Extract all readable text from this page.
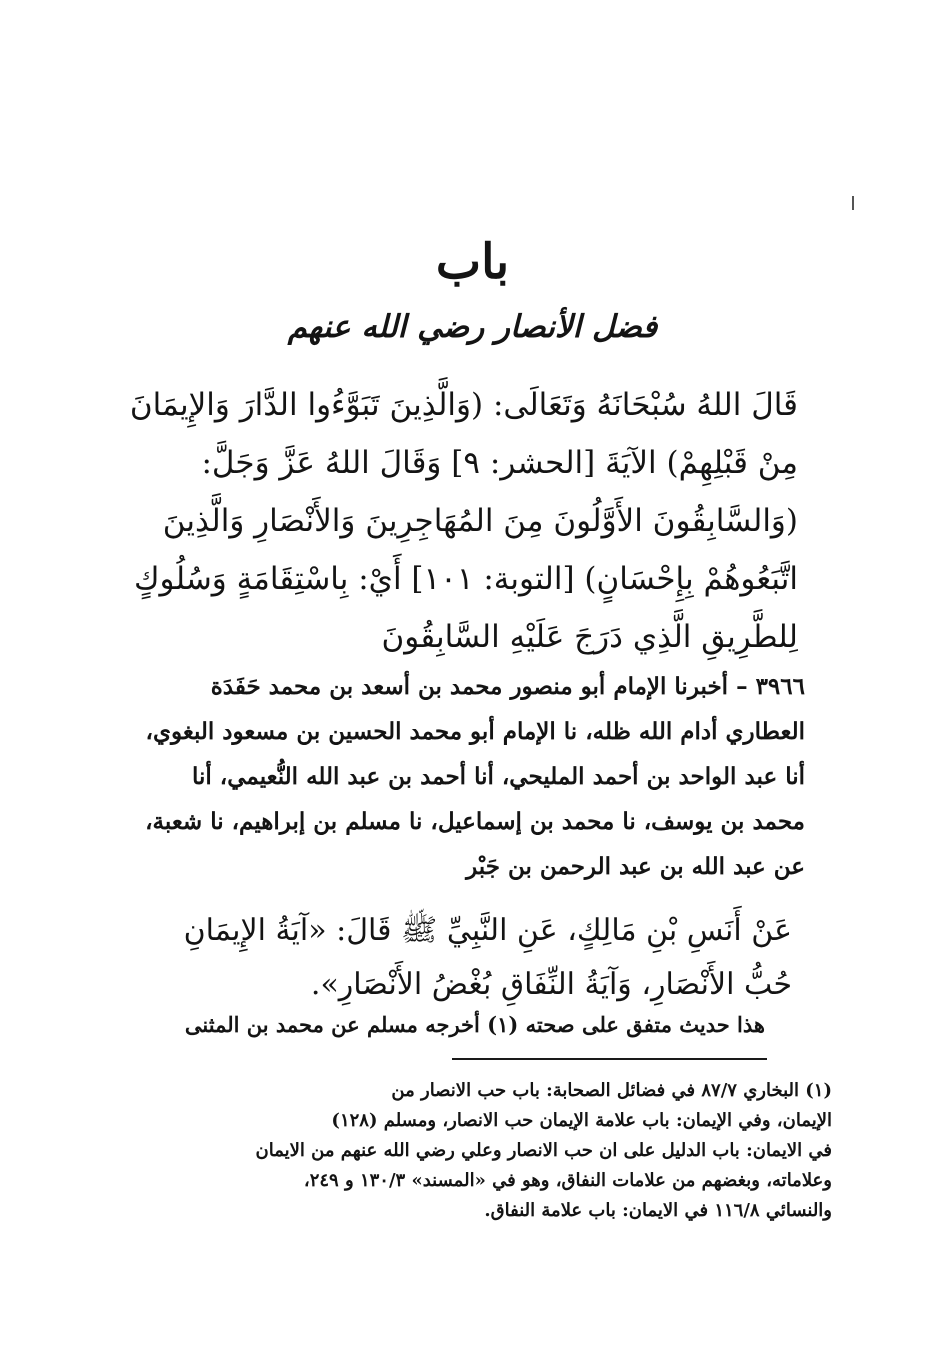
باب
فضل الأنصار رضي الله عنهم
قَالَ اللهُ سُبْحَانَهُ وَتَعَالَى: (وَالَّذِينَ تَبَوَّءُوا الدَّارَ وَالإِيمَانَ
مِنْ قَبْلِهِمْ) الآيَةَ [الحشر: ٩] وَقَالَ اللهُ عَزَّ وَجَلَّ:
(وَالسَّابِقُونَ الأَوَّلُونَ مِنَ المُهَاجِرِينَ وَالأَنْصَارِ وَالَّذِينَ
اتَّبَعُوهُمْ بِإِحْسَانٍ) [التوبة: ١٠١] أَيْ: بِاسْتِقَامَةٍ وَسُلُوكٍ
لِلطَّرِيقِ الَّذِي دَرَجَ عَلَيْهِ السَّابِقُونَ
٣٩٦٦ – أخبرنا الإمام أبو منصور محمد بن أسعد بن محمد حَفَدَة
العطاري أدام الله ظله، نا الإمام أبو محمد الحسين بن مسعود البغوي،
أنا عبد الواحد بن أحمد المليحي، أنا أحمد بن عبد الله النُّعيمي، أنا
محمد بن يوسف، نا محمد بن إسماعيل، نا مسلم بن إبراهيم، نا شعبة،
عن عبد الله بن عبد الرحمن بن جَبْر
عَنْ أَنَسِ بْنِ مَالِكٍ، عَنِ النَّبِيِّ ﷺ قَالَ: «آيَةُ الإِيمَانِ
حُبُّ الأَنْصَارِ، وَآيَةُ النِّفَاقِ بُغْضُ الأَنْصَارِ».
هذا حديث متفق على صحته (١) أخرجه مسلم عن محمد بن المثنى
(١) البخاري ٨٧/٧ في فضائل الصحابة: باب حب الانصار من
الإيمان، وفي الإيمان: باب علامة الإيمان حب الانصار، ومسلم (١٢٨)
في الايمان: باب الدليل على ان حب الانصار وعلي رضي الله عنهم من الايمان
وعلاماته، وبغضهم من علامات النفاق، وهو في «المسند» ١٣٠/٣ و ٢٤٩،
والنسائي ١١٦/٨ في الايمان: باب علامة النفاق.
